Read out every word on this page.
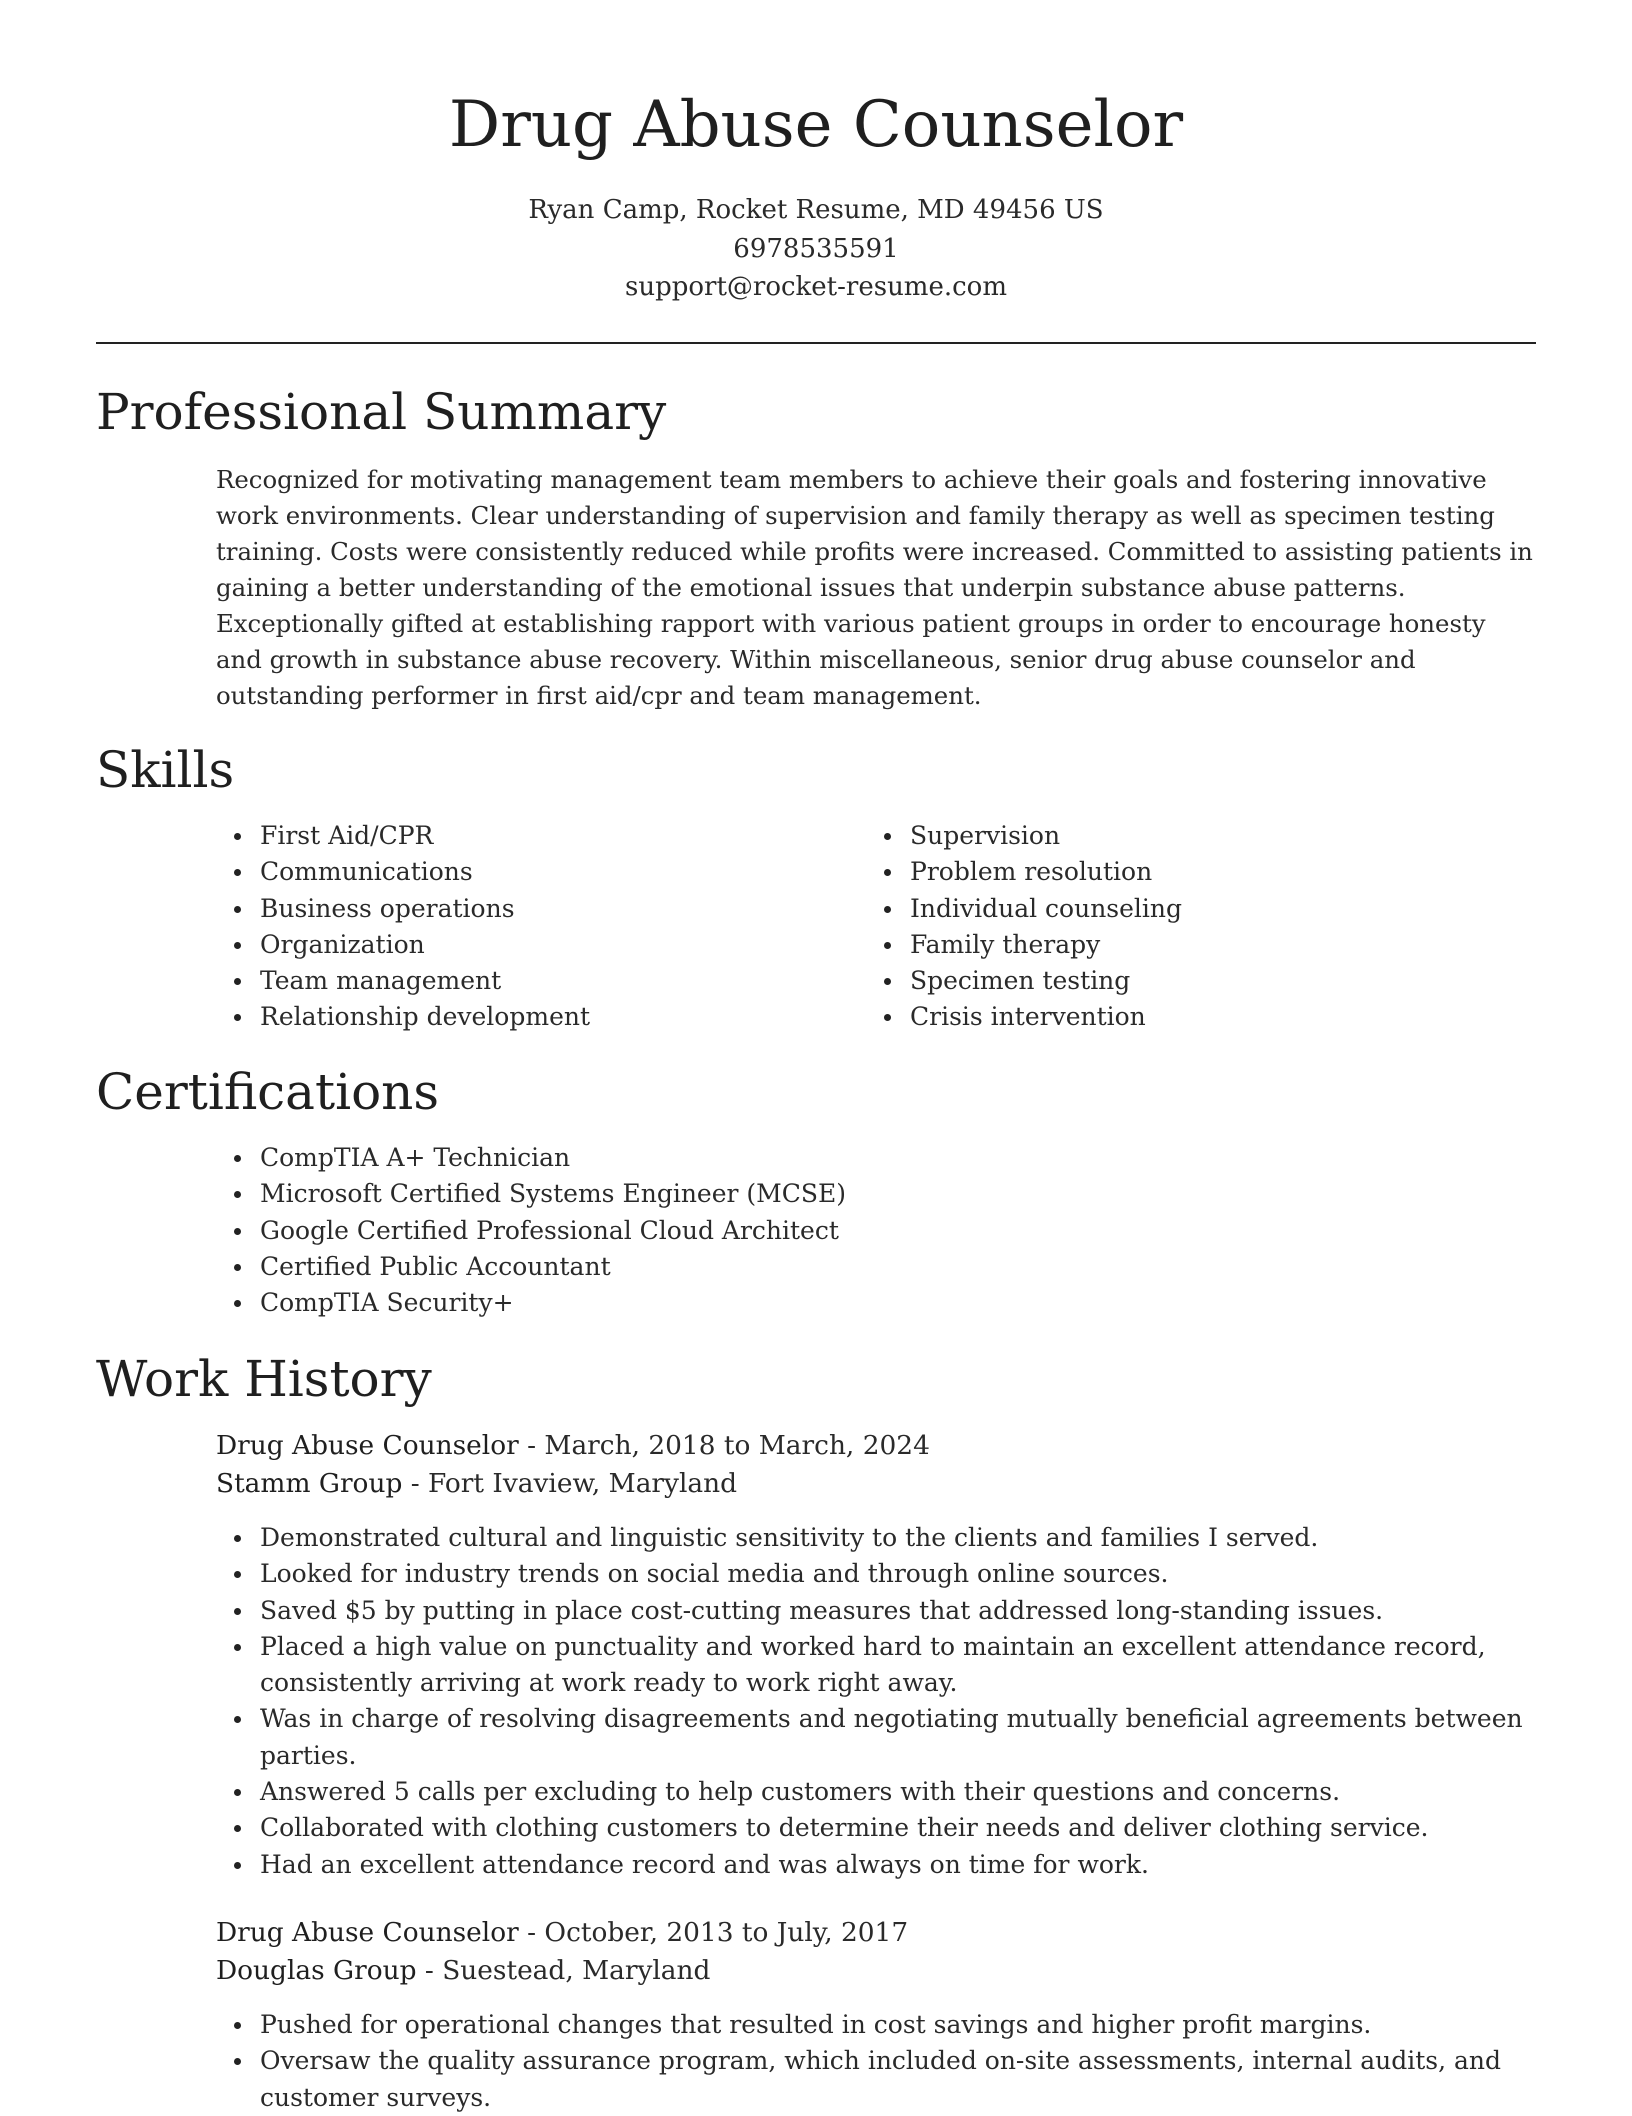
Drug Abuse Counselor
Ryan Camp, Rocket Resume, MD 49456 US
6978535591
support@rocket-resume.com
Professional Summary

Recognized for motivating management team members to achieve their goals and fostering innovative work environments. Clear understanding of supervision and family therapy as well as specimen testing training. Costs were consistently reduced while profits were increased. Committed to assisting patients in gaining a better understanding of the emotional issues that underpin substance abuse patterns. Exceptionally gifted at establishing rapport with various patient groups in order to encourage honesty and growth in substance abuse recovery. Within miscellaneous, senior drug abuse counselor and outstanding performer in first aid/cpr and team management.

Skills
First Aid/CPR
Communications
Business operations
Organization
Team management
Relationship development
Supervision
Problem resolution
Individual counseling
Family therapy
Specimen testing
Crisis intervention
Certifications
CompTIA A+ Technician
Microsoft Certified Systems Engineer (MCSE)
Google Certified Professional Cloud Architect
Certified Public Accountant
CompTIA Security+
Work History
Drug Abuse Counselor - March, 2018 to March, 2024
Stamm Group - Fort Ivaview, Maryland
Demonstrated cultural and linguistic sensitivity to the clients and families I served.
Looked for industry trends on social media and through online sources.
Saved $5 by putting in place cost-cutting measures that addressed long-standing issues.
Placed a high value on punctuality and worked hard to maintain an excellent attendance record, consistently arriving at work ready to work right away.
Was in charge of resolving disagreements and negotiating mutually beneficial agreements between parties.
Answered 5 calls per excluding to help customers with their questions and concerns.
Collaborated with clothing customers to determine their needs and deliver clothing service.
Had an excellent attendance record and was always on time for work.
Drug Abuse Counselor - October, 2013 to July, 2017
Douglas Group - Suestead, Maryland
Pushed for operational changes that resulted in cost savings and higher profit margins.
Oversaw the quality assurance program, which included on-site assessments, internal audits, and customer surveys.
